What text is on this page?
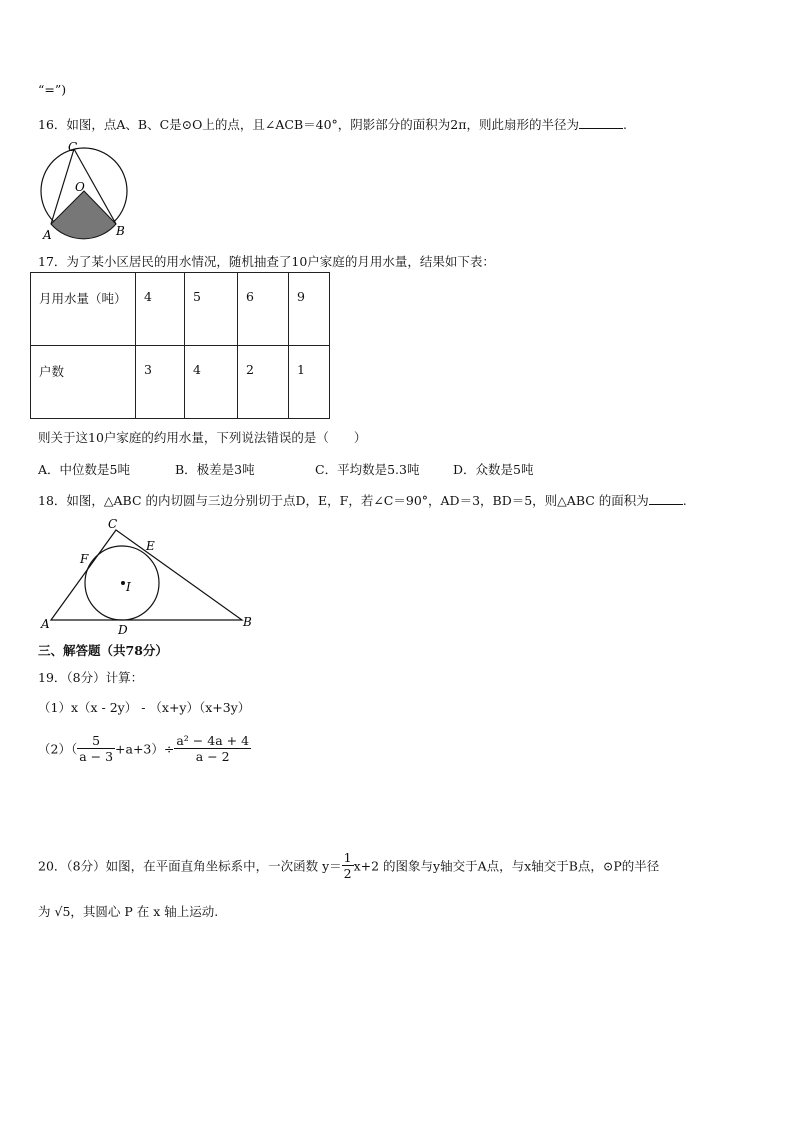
“=”)
16．如图，点A、B、C是⊙O上的点，且∠ACB＝40°，阴影部分的面积为2π，则此扇形的半径为	.
C
O
A	B
17．为了某小区居民的用水情况，随机抽查了10户家庭的月用水量，结果如下表：
月用水量（吨）	4	5	6	9
户数	3	4	2	1
则关于这10户家庭的约用水量，下列说法错误的是（　　）
A．中位数是5吨	B．极差是3吨	C．平均数是5.3吨	D．众数是5吨
18．如图，△ABC 的内切圆与三边分别切于点D，E，F，若∠C＝90°，AD＝3，BD＝5，则△ABC 的面积为	.
C
E
F
I
A	D
B
三、解答题（共78分）
19．（8分）计算：
（1）x（x - 2y） - （x+y）（x+3y）
$(2)( \frac{5}{a - 3} +a+3)\div \frac{\text{a² − 4a + 4}}{a - 2}$
20．（8分）如图，在平面直角坐标系中，一次函数 $y= \frac{1}{2} x+2$ 的图象与y轴交于A点，与x轴交于B点，⊙P的半径
为 √5，其圆心 P 在 x 轴上运动.
